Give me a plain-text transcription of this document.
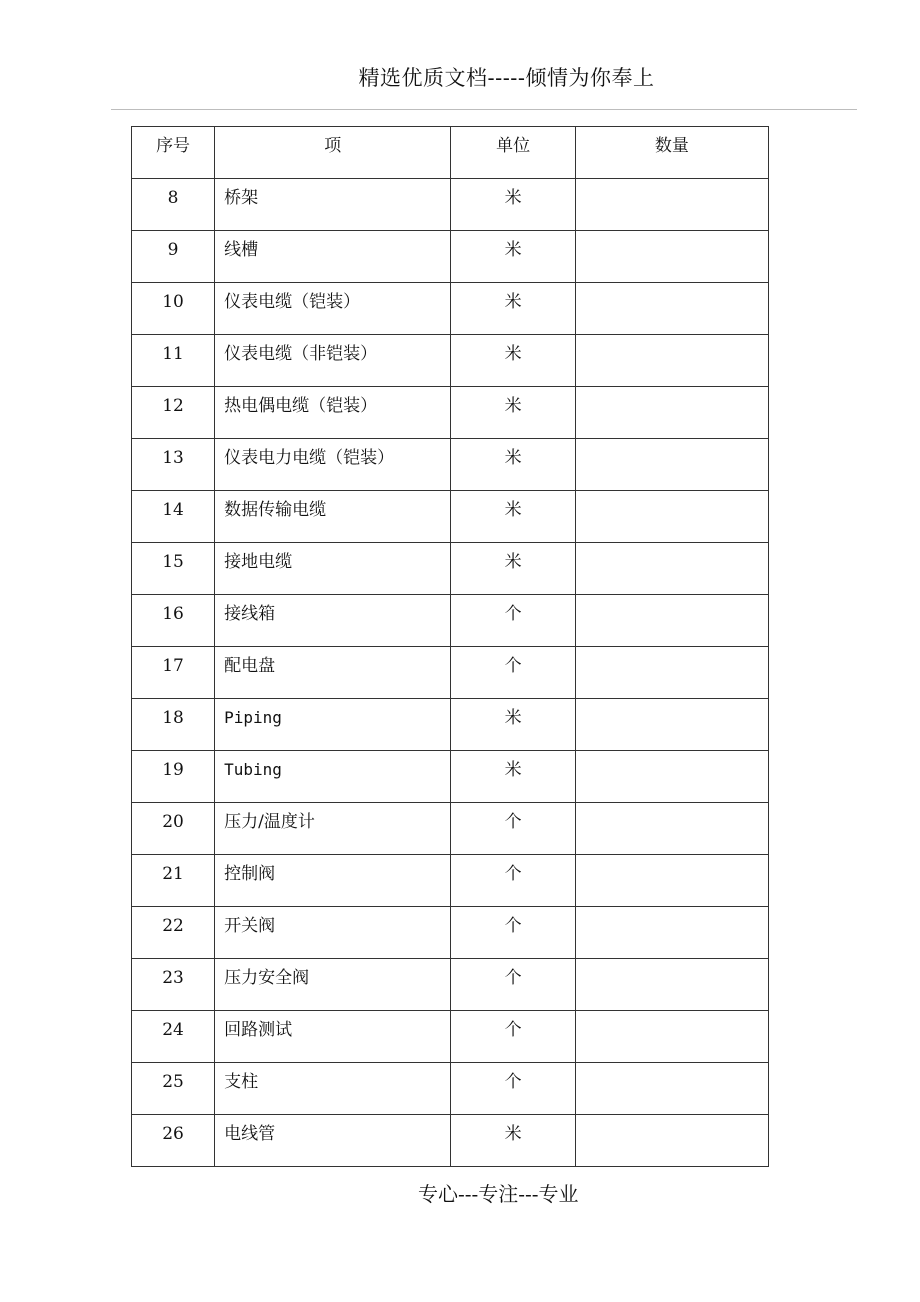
精选优质文档-----倾情为你奉上
序号	项	单位	数量

8	桥架	米	

9	线槽	米	

10	仪表电缆（铠装）	米	

11	仪表电缆（非铠装）	米	

12	热电偶电缆（铠装）	米	

13	仪表电力电缆（铠装）	米	

14	数据传输电缆	米	

15	接地电缆	米	

16	接线箱	个	

17	配电盘	个	

18	Piping	米	

19	Tubing	米	

20	压力/温度计	个	

21	控制阀	个	

22	开关阀	个	

23	压力安全阀	个	

24	回路测试	个	

25	支柱	个	

26	电线管	米	

专心---专注---专业
